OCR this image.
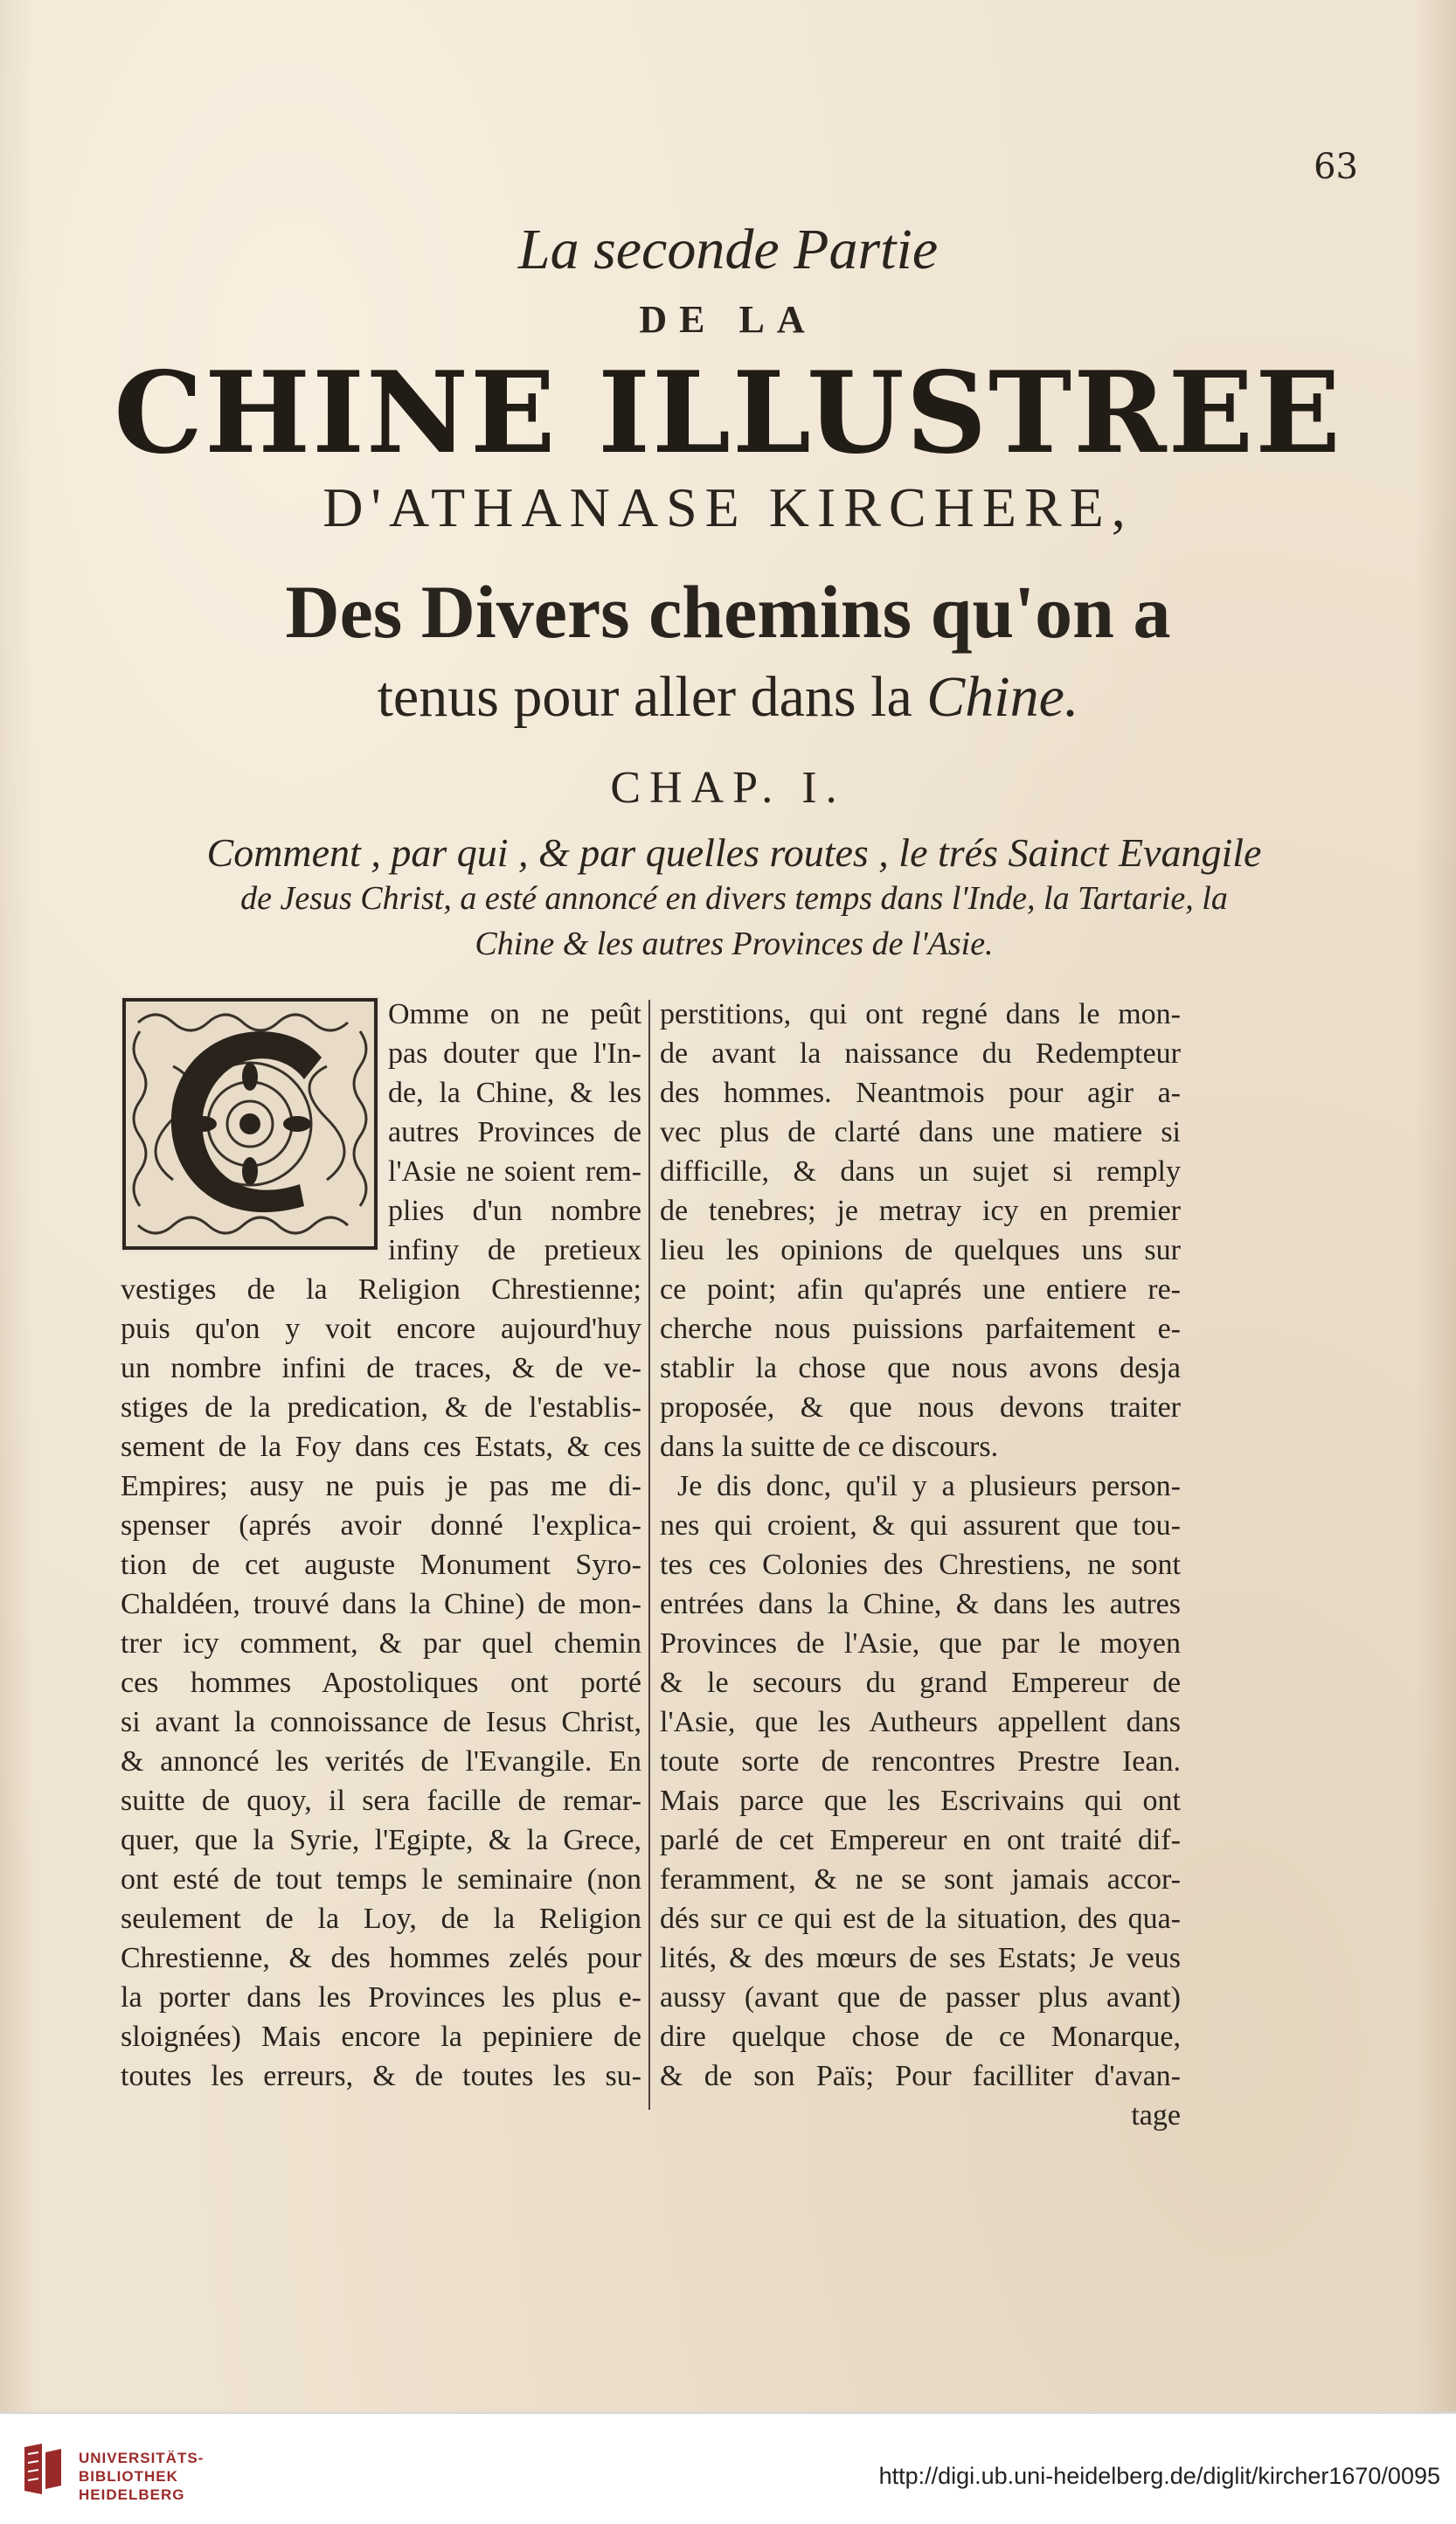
63
La seconde Partie
DE LA
CHINE ILLUSTREE
D'ATHANASE KIRCHERE,
Des Divers chemins qu'on a
tenus pour aller dans la Chine.
CHAP. I.
Comment , par qui , & par quelles routes , le trés Sainct Evangile
de Jesus Christ, a esté annoncé en divers temps dans l'Inde, la Tartarie, la
Chine & les autres Provinces de l'Asie.
Omme on ne peût
pas douter que l'In-
de, la Chine, & les
autres Provinces de
l'Asie ne soient rem-
plies d'un nombre
infiny de pretieux
vestiges de la Religion Chrestienne;
puis qu'on y voit encore aujourd'huy
un nombre infini de traces, & de ve-
stiges de la predication, & de l'establis-
sement de la Foy dans ces Estats, & ces
Empires; ausy ne puis je pas me di-
spenser (aprés avoir donné l'explica-
tion de cet auguste Monument Syro-
Chaldéen, trouvé dans la Chine) de mon-
trer icy comment, & par quel chemin
ces hommes Apostoliques ont porté
si avant la connoissance de Iesus Christ,
& annoncé les verités de l'Evangile. En
suitte de quoy, il sera facille de remar-
quer, que la Syrie, l'Egipte, & la Grece,
ont esté de tout temps le seminaire (non
seulement de la Loy, de la Religion
Chrestienne, & des hommes zelés pour
la porter dans les Provinces les plus e-
sloignées) Mais encore la pepiniere de
toutes les erreurs, & de toutes les su-
perstitions, qui ont regné dans le mon-
de avant la naissance du Redempteur
des hommes. Neantmois pour agir a-
vec plus de clarté dans une matiere si
difficille, & dans un sujet si remply
de tenebres; je metray icy en premier
lieu les opinions de quelques uns sur
ce point; afin qu'aprés une entiere re-
cherche nous puissions parfaitement e-
stablir la chose que nous avons desja
proposée, & que nous devons traiter
dans la suitte de ce discours.
Je dis donc, qu'il y a plusieurs person-
nes qui croient, & qui assurent que tou-
tes ces Colonies des Chrestiens, ne sont
entrées dans la Chine, & dans les autres
Provinces de l'Asie, que par le moyen
& le secours du grand Empereur de
l'Asie, que les Autheurs appellent dans
toute sorte de rencontres Prestre Iean.
Mais parce que les Escrivains qui ont
parlé de cet Empereur en ont traité dif-
feramment, & ne se sont jamais accor-
dés sur ce qui est de la situation, des qua-
lités, & des mœurs de ses Estats; Je veus
aussy (avant que de passer plus avant)
dire quelque chose de ce Monarque,
& de son Païs; Pour facilliter d'avan-
tage
UNIVERSITÄTS-
BIBLIOTHEK
HEIDELBERG
http://digi.ub.uni-heidelberg.de/diglit/kircher1670/0095
